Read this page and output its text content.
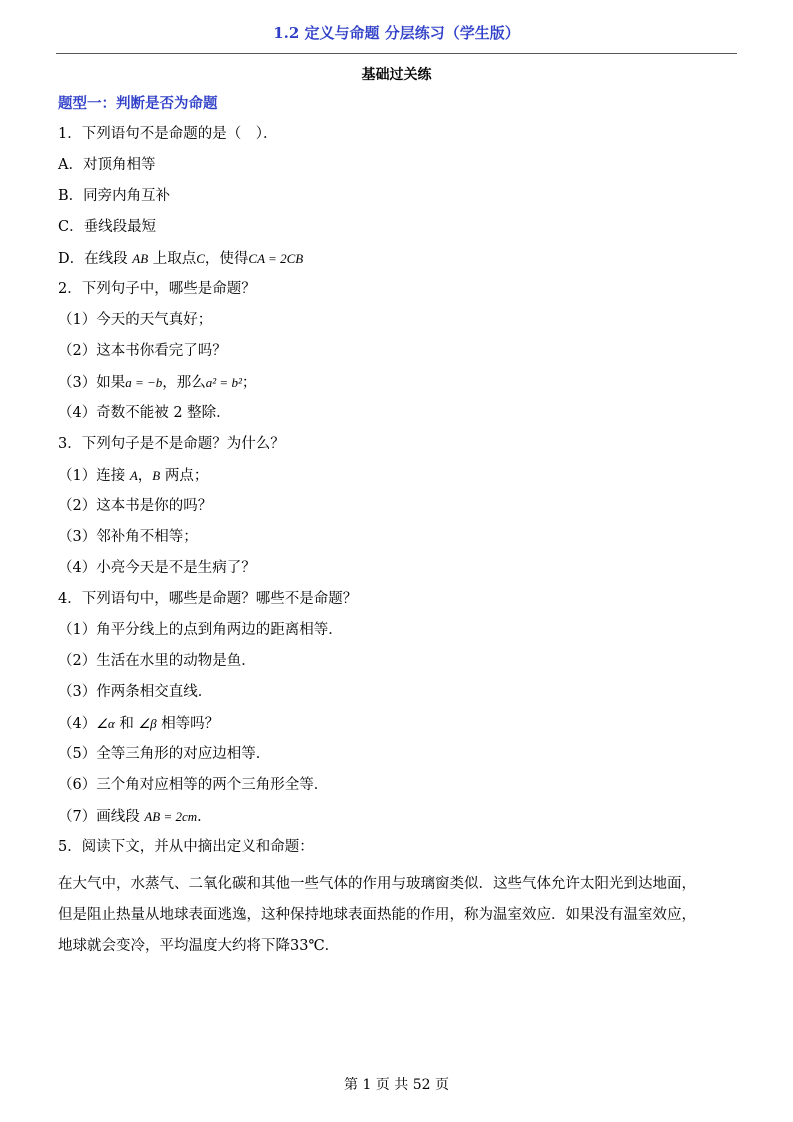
1.2 定义与命题 分层练习（学生版）
基础过关练
题型一：判断是否为命题
1．下列语句不是命题的是（　）．
A．对顶角相等
B．同旁内角互补
C．垂线段最短
D．在线段 AB 上取点C，使得CA = 2CB
2．下列句子中，哪些是命题？
（1）今天的天气真好；
（2）这本书你看完了吗？
（3）如果a = −b，那么a² = b²；
（4）奇数不能被 2 整除．
3．下列句子是不是命题？为什么？
（1）连接 A，B 两点；
（2）这本书是你的吗？
（3）邻补角不相等；
（4）小亮今天是不是生病了？
4．下列语句中，哪些是命题？哪些不是命题？
（1）角平分线上的点到角两边的距离相等．
（2）生活在水里的动物是鱼．
（3）作两条相交直线．
（4）∠α 和 ∠β 相等吗？
（5）全等三角形的对应边相等．
（6）三个角对应相等的两个三角形全等．
（7）画线段 AB = 2cm．
5．阅读下文，并从中摘出定义和命题：
在大气中，水蒸气、二氧化碳和其他一些气体的作用与玻璃窗类似．这些气体允许太阳光到达地面，
但是阻止热量从地球表面逃逸，这种保持地球表面热能的作用，称为温室效应．如果没有温室效应，
地球就会变冷，平均温度大约将下降33℃．
第 1 页 共 52 页
